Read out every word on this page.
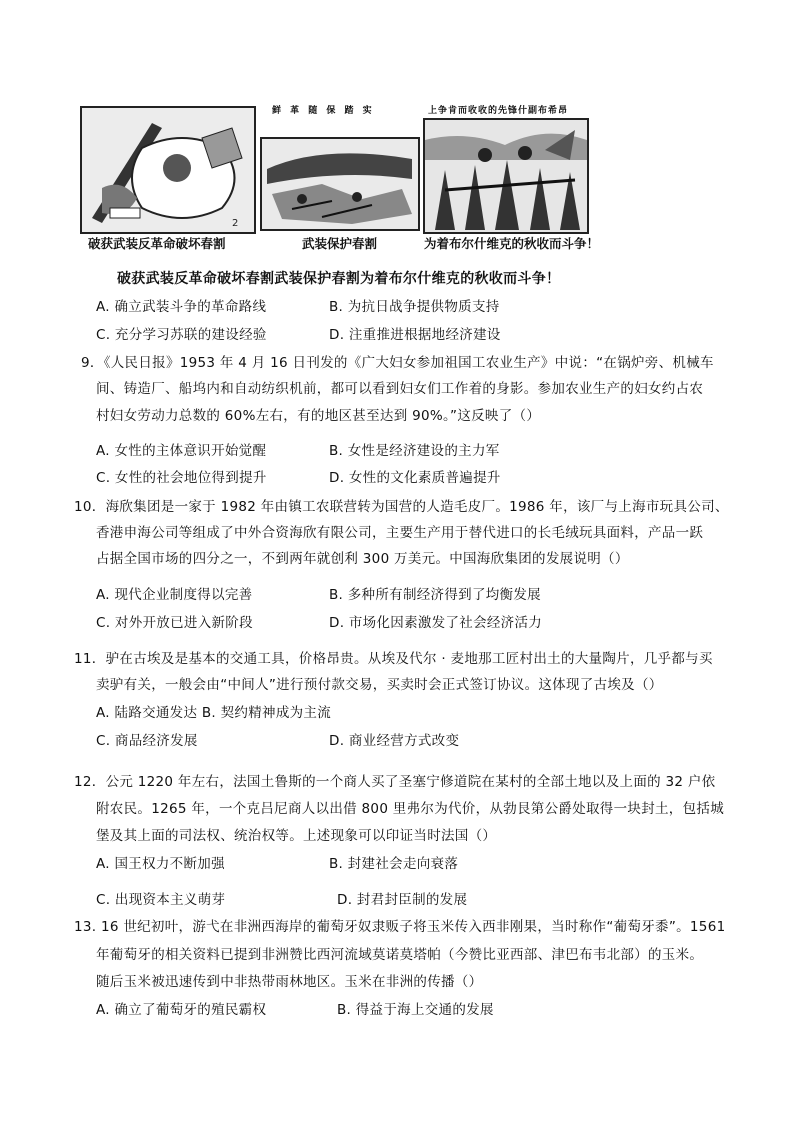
2
破获武装反革命破坏春割
鲜 革 随 保 踏 实
武装保护春割
上争肯而收收的先锋什副布希昂
为着布尔什维克的秋收而斗争！
破获武装反革命破坏春割武装保护春割为着布尔什维克的秋收而斗争！
A. 确立武装斗争的革命路线	B. 为抗日战争提供物质支持
C. 充分学习苏联的建设经验	D. 注重推进根据地经济建设
9．《人民日报》1953 年 4 月 16 日刊发的《广大妇女参加祖国工农业生产》中说：“在锅炉旁、机械车
间、铸造厂、船坞内和自动纺织机前，都可以看到妇女们工作着的身影。参加农业生产的妇女约占农
村妇女劳动力总数的 60%左右，有的地区甚至达到 90%。”这反映了（）
A. 女性的主体意识开始觉醒	B. 女性是经济建设的主力军
C. 女性的社会地位得到提升	D. 女性的文化素质普遍提升
10．海欣集团是一家于 1982 年由镇工农联营转为国营的人造毛皮厂。1986 年，该厂与上海市玩具公司、
香港申海公司等组成了中外合资海欣有限公司，主要生产用于替代进口的长毛绒玩具面料，产品一跃
占据全国市场的四分之一，不到两年就创利 300 万美元。中国海欣集团的发展说明（）
A. 现代企业制度得以完善	B. 多种所有制经济得到了均衡发展
C. 对外开放已进入新阶段	D. 市场化因素激发了社会经济活力
11．驴在古埃及是基本的交通工具，价格昂贵。从埃及代尔 · 麦地那工匠村出土的大量陶片，几乎都与买
卖驴有关，一般会由“中间人”进行预付款交易，买卖时会正式签订协议。这体现了古埃及（）
A. 陆路交通发达 B. 契约精神成为主流
C. 商品经济发展	D. 商业经营方式改变
12．公元 1220 年左右，法国土鲁斯的一个商人买了圣塞宁修道院在某村的全部土地以及上面的 32 户依
附农民。1265 年，一个克吕尼商人以出借 800 里弗尔为代价，从勃艮第公爵处取得一块封土，包括城
堡及其上面的司法权、统治权等。上述现象可以印证当时法国（）
A. 国王权力不断加强	B. 封建社会走向衰落
C. 出现资本主义萌芽	D. 封君封臣制的发展
13. 16 世纪初叶，游弋在非洲西海岸的葡萄牙奴隶贩子将玉米传入西非刚果，当时称作“葡萄牙黍”。1561
年葡萄牙的相关资料已提到非洲赞比西河流域莫诺莫塔帕（今赞比亚西部、津巴布韦北部）的玉米。
随后玉米被迅速传到中非热带雨林地区。玉米在非洲的传播（）
A. 确立了葡萄牙的殖民霸权	B. 得益于海上交通的发展
